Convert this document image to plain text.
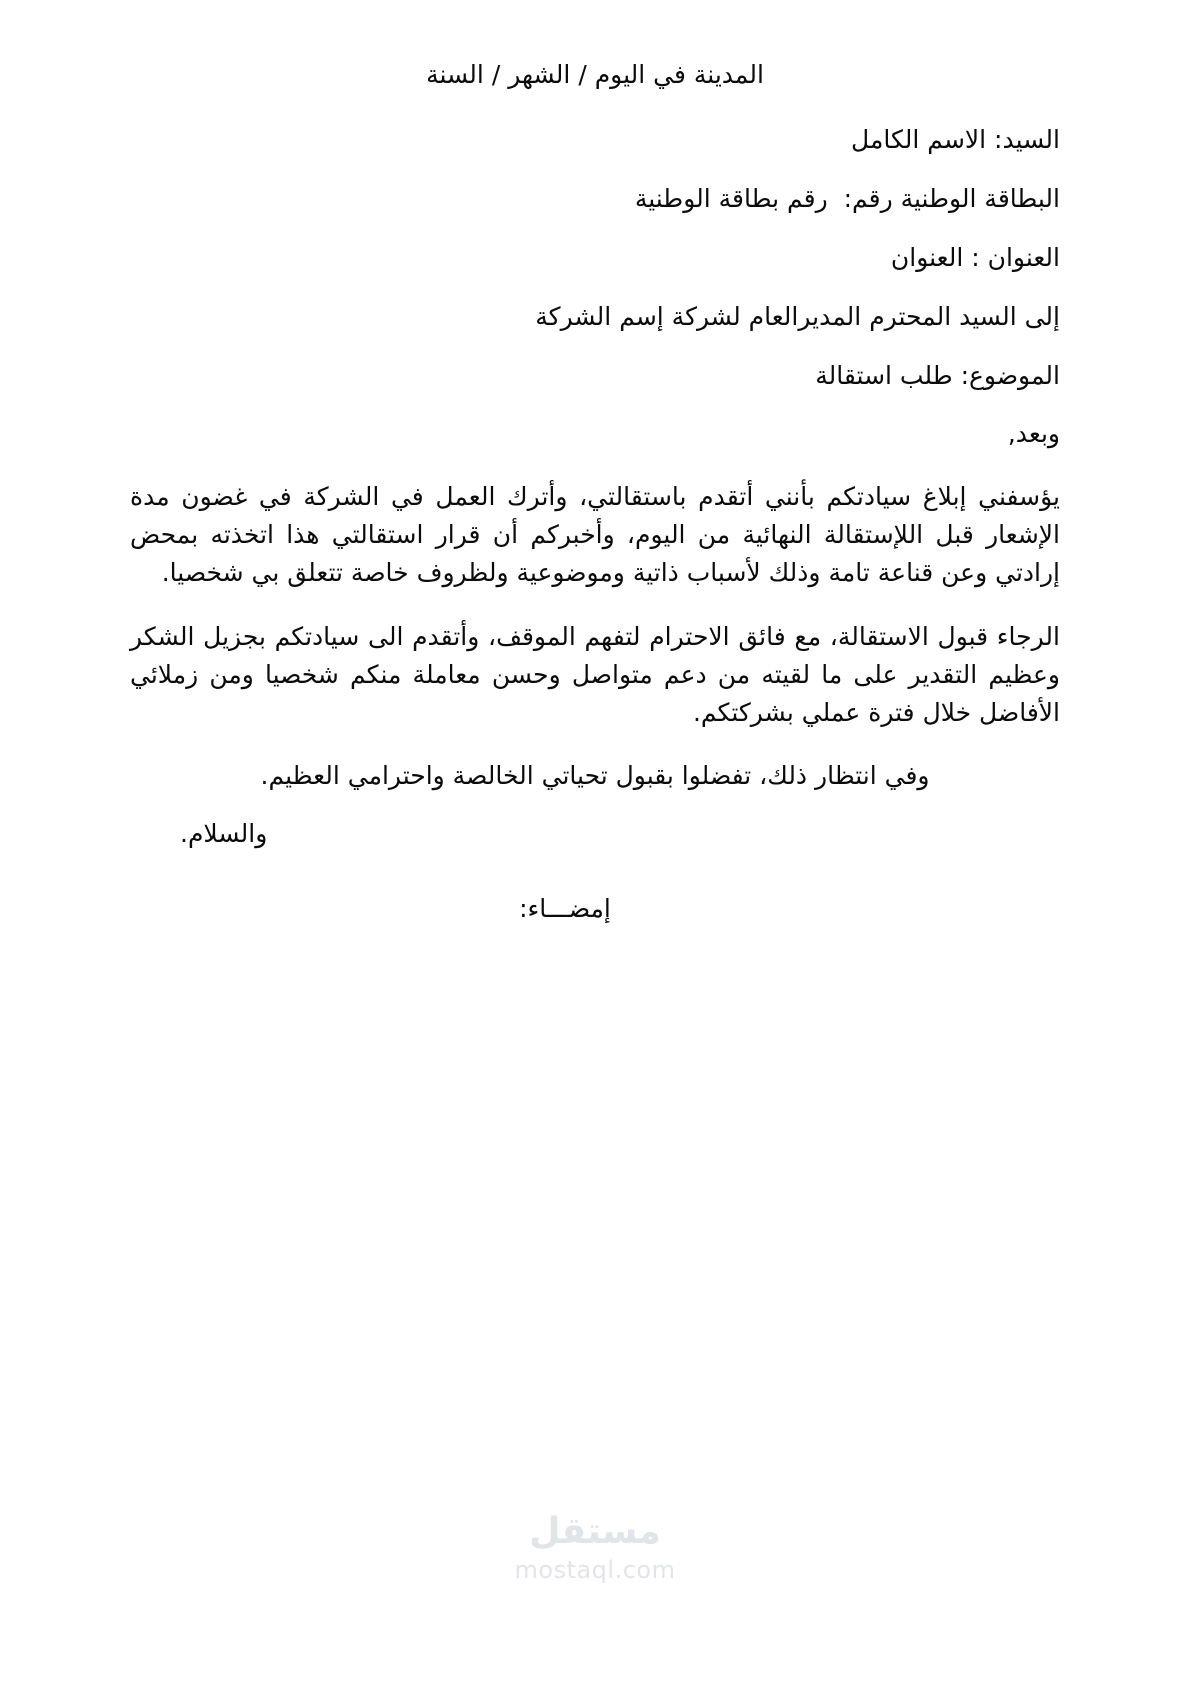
المدينة في اليوم / الشهر / السنة

السيد: الاسم الكامل

البطاقة الوطنية رقم:  رقم بطاقة الوطنية

العنوان : العنوان

إلى السيد المحترم المديرالعام لشركة إسم الشركة

الموضوع: طلب استقالة

وبعد,

يؤسفني إبلاغ سيادتكم بأنني أتقدم باستقالتي، وأترك العمل في الشركة في غضون مدة الإشعار قبل اللإستقالة النهائية من اليوم، وأخبركم أن قرار استقالتي هذا اتخذته بمحض إرادتي وعن قناعة تامة وذلك لأسباب ذاتية وموضوعية ولظروف خاصة تتعلق بي شخصيا.

الرجاء قبول الاستقالة، مع فائق الاحترام لتفهم الموقف، وأتقدم الى سيادتكم بجزيل الشكر وعظيم التقدير على ما لقيته من دعم متواصل وحسن معاملة منكم شخصيا ومن زملائي الأفاضل خلال فترة عملي بشركتكم.

وفي انتظار ذلك، تفضلوا بقبول تحياتي الخالصة واحترامي العظيم.

والسلام.

إمضـــاء:

مستقل
mostaql.com
